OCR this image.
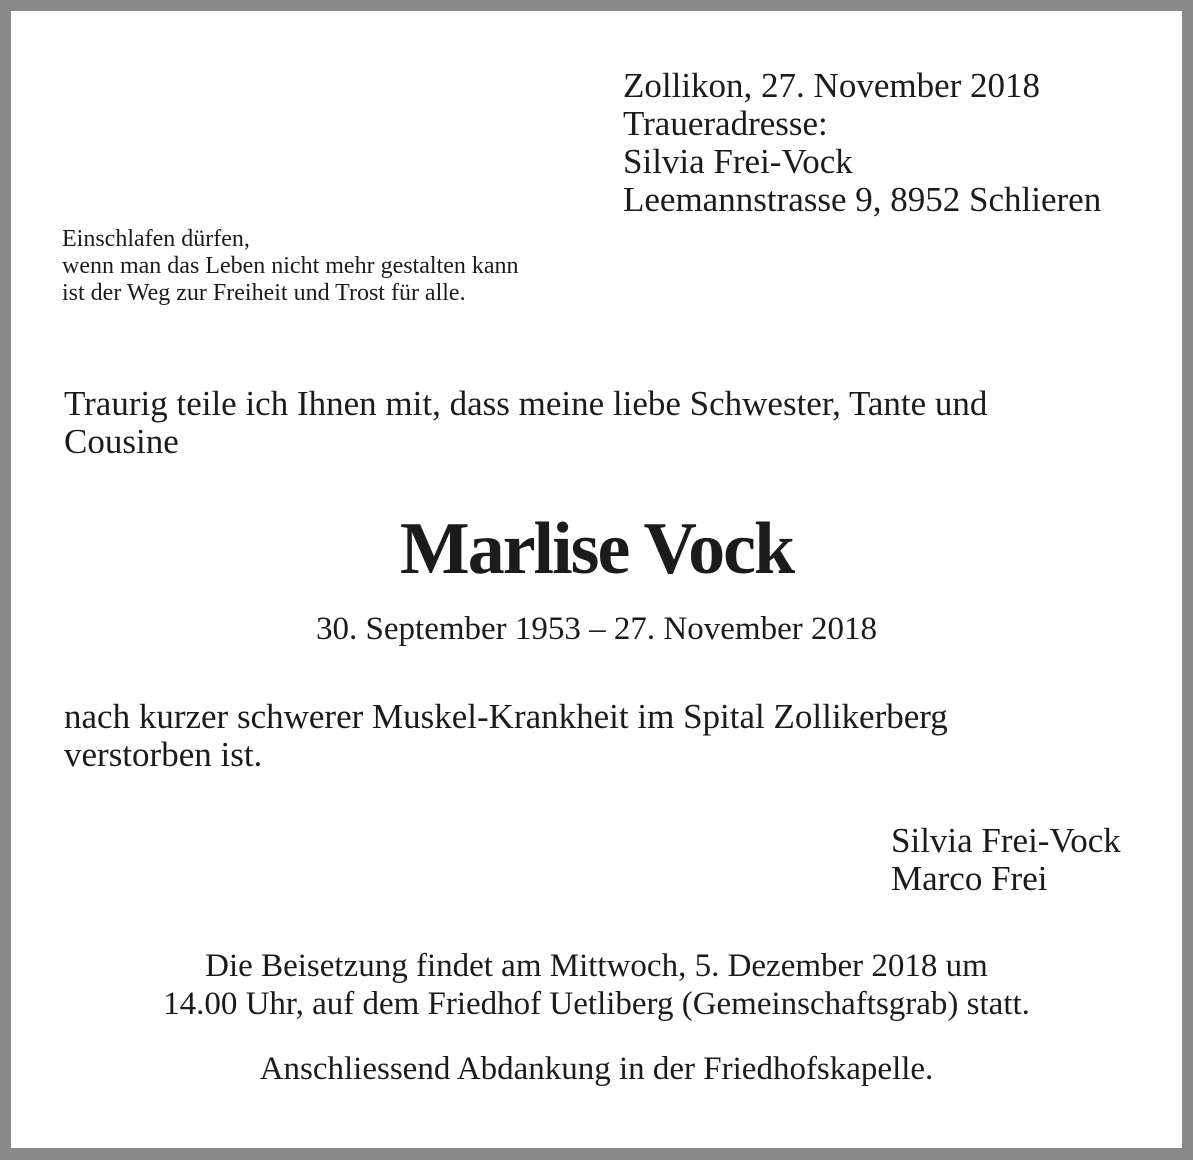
Zollikon, 27. November 2018
Traueradresse:
Silvia Frei-Vock
Leemannstrasse 9, 8952 Schlieren
Einschlafen dürfen,
wenn man das Leben nicht mehr gestalten kann
ist der Weg zur Freiheit und Trost für alle.
Traurig teile ich Ihnen mit, dass meine liebe Schwester, Tante und
Cousine
Marlise Vock
30. September 1953 – 27. November 2018
nach kurzer schwerer Muskel-Krankheit im Spital Zollikerberg
verstorben ist.
Silvia Frei-Vock
Marco Frei
Die Beisetzung findet am Mittwoch, 5. Dezember 2018 um
14.00 Uhr, auf dem Friedhof Uetliberg (Gemeinschaftsgrab) statt.
Anschliessend Abdankung in der Friedhofskapelle.
